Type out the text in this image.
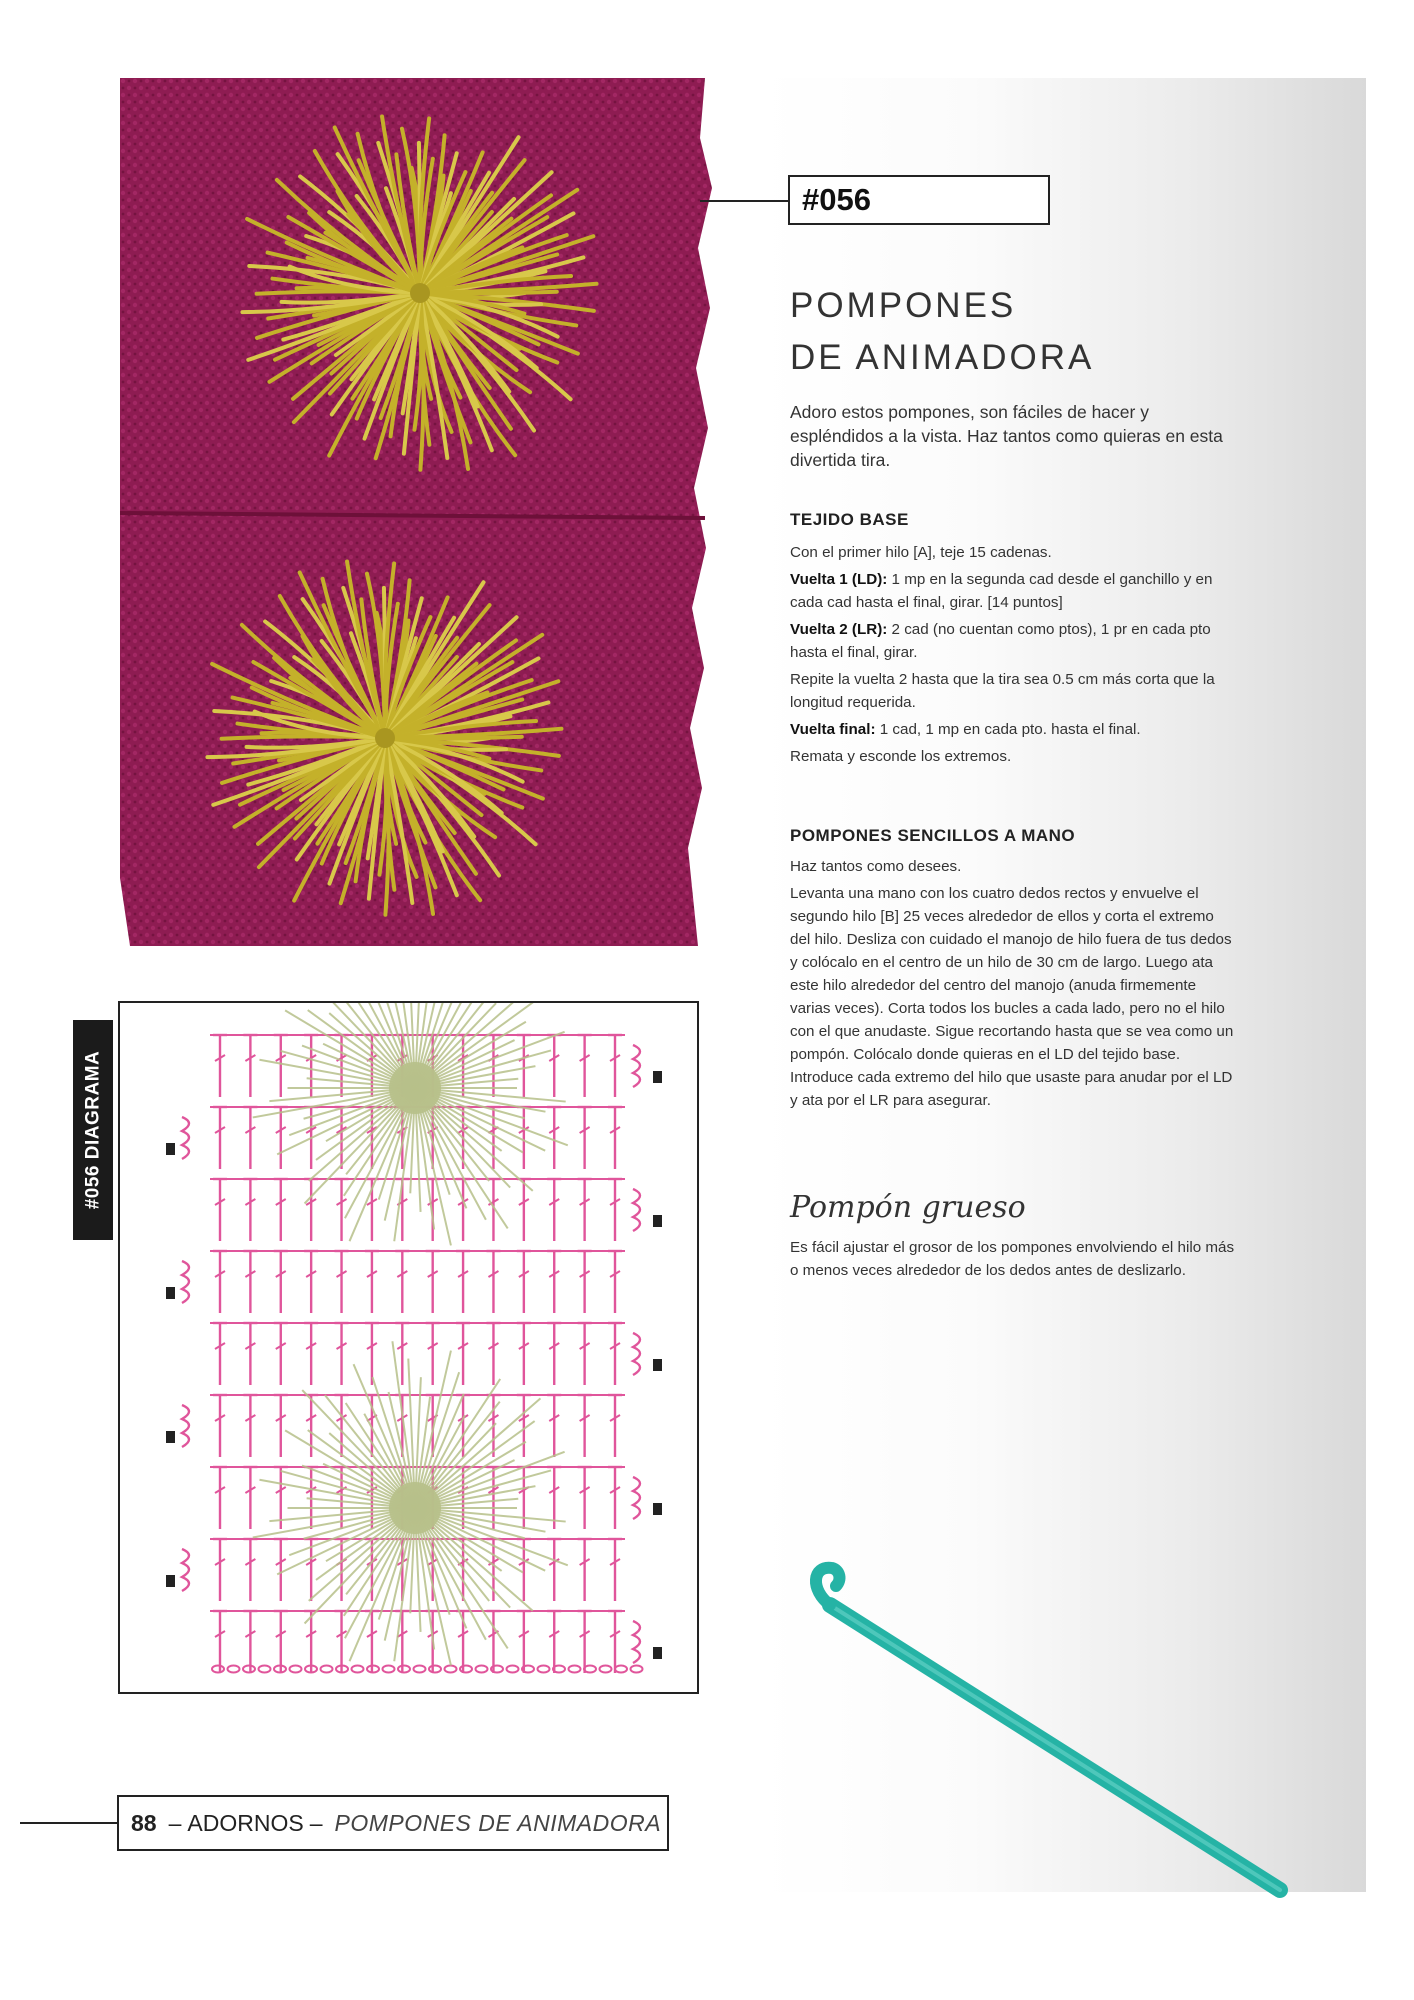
#056
POMPONES
DE ANIMADORA
Adoro estos pompones, son fáciles de hacer y espléndidos a la vista. Haz tantos como quieras en esta divertida tira.
TEJIDO BASE

Con el primer hilo [A], teje 15 cadenas.

Vuelta 1 (LD): 1 mp en la segunda cad desde el ganchillo y en cada cad hasta el final, girar. [14 puntos]

Vuelta 2 (LR): 2 cad (no cuentan como ptos), 1 pr en cada pto hasta el final, girar.

Repite la vuelta 2 hasta que la tira sea 0.5 cm más corta que la longitud requerida.

Vuelta final: 1 cad, 1 mp en cada pto. hasta el final.

Remata y esconde los extremos.

POMPONES SENCILLOS A MANO

Haz tantos como desees.

Levanta una mano con los cuatro dedos rectos y envuelve el segundo hilo [B] 25 veces alrededor de ellos y corta el extremo del hilo. Desliza con cuidado el manojo de hilo fuera de tus dedos y colócalo en el centro de un hilo de 30 cm de largo. Luego ata este hilo alrededor del centro del manojo (anuda firmemente varias veces). Corta todos los bucles a cada lado, pero no el hilo con el que anudaste. Sigue recortando hasta que se vea como un pompón. Colócalo donde quieras en el LD del tejido base. Introduce cada extremo del hilo que usaste para anudar por el LD y ata por el LR para asegurar.

Pompón grueso
Es fácil ajustar el grosor de los pompones envolviendo el hilo más o menos veces alrededor de los dedos antes de deslizarlo.
#056 DIAGRAMA
88 – ADORNOS – POMPONES DE ANIMADORA
